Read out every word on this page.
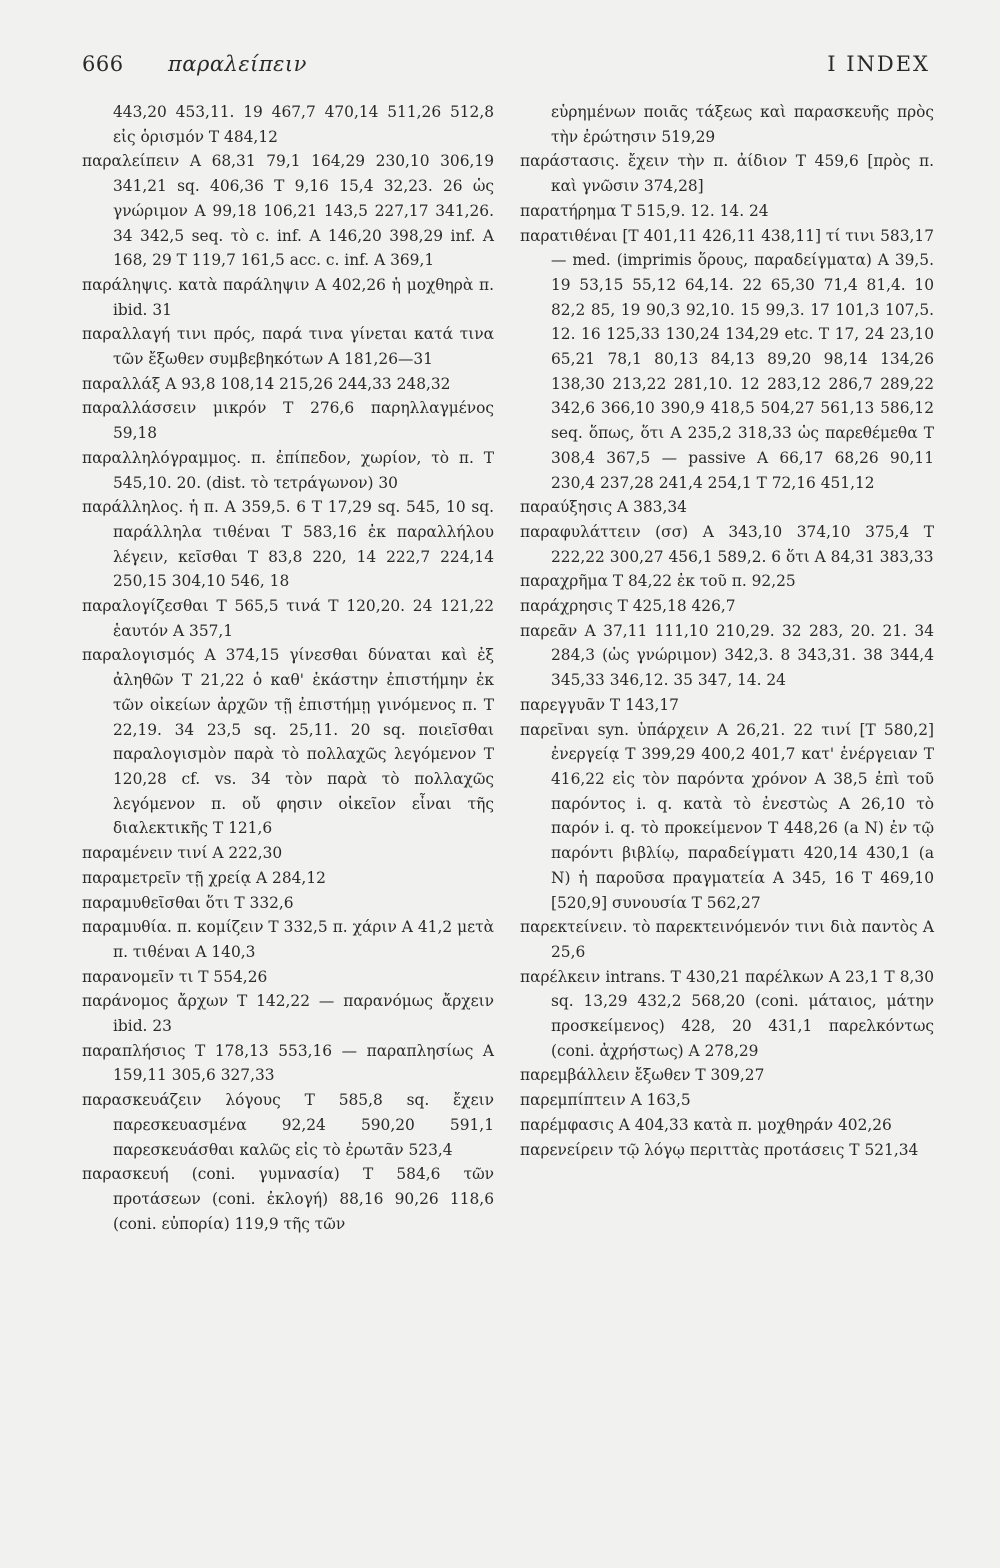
666 παραλείπειν	I INDEX

443,20 453,11. 19 467,7 470,14 511,26 512,8 εἰς ὁρισμόν T 484,12

παραλείπειν A 68,31 79,1 164,29 230,10 306,19 341,21 sq. 406,36 T 9,16 15,4 32,23. 26 ὡς γνώριμον A 99,18 106,21 143,5 227,17 341,26. 34 342,5 seq. τὸ c. inf. A 146,20 398,29 inf. A 168, 29 T 119,7 161,5 acc. c. inf. A 369,1

παράληψις. κατὰ παράληψιν A 402,26 ἡ μοχθηρὰ π. ibid. 31

παραλλαγή τινι πρός, παρά τινα γίνεται κατά τινα τῶν ἔξωθεν συμβεβηκότων A 181,26—31

παραλλάξ A 93,8 108,14 215,26 244,33 248,32

παραλλάσσειν μικρόν T 276,6 παρηλλαγμένος 59,18

παραλληλόγραμμος. π. ἐπίπεδον, χωρίον, τὸ π. T 545,10. 20. (dist. τὸ τετράγωνον) 30

παράλληλος. ἡ π. A 359,5. 6 T 17,29 sq. 545, 10 sq. παράλληλα τιθέναι T 583,16 ἐκ παραλλήλου λέγειν, κεῖσθαι T 83,8 220, 14 222,7 224,14 250,15 304,10 546, 18

παραλογίζεσθαι T 565,5 τινά T 120,20. 24 121,22 ἑαυτόν A 357,1

παραλογισμός A 374,15 γίνεσθαι δύναται καὶ ἐξ ἀληθῶν T 21,22 ὁ καθ' ἑκάστην ἐπιστήμην ἐκ τῶν οἰκείων ἀρχῶν τῇ ἐπιστήμῃ γινόμενος π. T 22,19. 34 23,5 sq. 25,11. 20 sq. ποιεῖσθαι παραλογισμὸν παρὰ τὸ πολλαχῶς λεγόμενον T 120,28 cf. vs. 34 τὸν παρὰ τὸ πολλαχῶς λεγόμενον π. οὔ φησιν οἰκεῖον εἶναι τῆς διαλεκτικῆς T 121,6

παραμένειν τινί A 222,30

παραμετρεῖν τῇ χρείᾳ A 284,12

παραμυθεῖσθαι ὅτι T 332,6

παραμυθία. π. κομίζειν T 332,5 π. χάριν A 41,2 μετὰ π. τιθέναι A 140,3

παρανομεῖν τι T 554,26

παράνομος ἄρχων T 142,22 — παρανόμως ἄρχειν ibid. 23

παραπλήσιος T 178,13 553,16 — παραπλησίως A 159,11 305,6 327,33

παρασκευάζειν λόγους T 585,8 sq. ἔχειν παρεσκευασμένα 92,24 590,20 591,1 παρεσκευάσθαι καλῶς εἰς τὸ ἐρωτᾶν 523,4

παρασκευή (coni. γυμνασία) T 584,6 τῶν προτάσεων (coni. ἐκλογή) 88,16 90,26 118,6 (coni. εὐπορία) 119,9 τῆς τῶν

εὑρημένων ποιᾶς τάξεως καὶ παρασκευῆς πρὸς τὴν ἐρώτησιν 519,29

παράστασις. ἔχειν τὴν π. ἀίδιον T 459,6 [πρὸς π. καὶ γνῶσιν 374,28]

παρατήρημα T 515,9. 12. 14. 24

παρατιθέναι [T 401,11 426,11 438,11] τί τινι 583,17 — med. (imprimis ὅρους, παραδείγματα) A 39,5. 19 53,15 55,12 64,14. 22 65,30 71,4 81,4. 10 82,2 85, 19 90,3 92,10. 15 99,3. 17 101,3 107,5. 12. 16 125,33 130,24 134,29 etc. T 17, 24 23,10 65,21 78,1 80,13 84,13 89,20 98,14 134,26 138,30 213,22 281,10. 12 283,12 286,7 289,22 342,6 366,10 390,9 418,5 504,27 561,13 586,12 seq. ὅπως, ὅτι A 235,2 318,33 ὡς παρεθέμεθα T 308,4 367,5 — passive A 66,17 68,26 90,11 230,4 237,28 241,4 254,1 T 72,16 451,12

παραύξησις A 383,34

παραφυλάττειν (σσ) A 343,10 374,10 375,4 T 222,22 300,27 456,1 589,2. 6 ὅτι A 84,31 383,33

παραχρῆμα T 84,22 ἐκ τοῦ π. 92,25

παράχρησις T 425,18 426,7

παρεᾶν A 37,11 111,10 210,29. 32 283, 20. 21. 34 284,3 (ὡς γνώριμον) 342,3. 8 343,31. 38 344,4 345,33 346,12. 35 347, 14. 24

παρεγγυᾶν T 143,17

παρεῖναι syn. ὑπάρχειν A 26,21. 22 τινί [T 580,2] ἐνεργείᾳ T 399,29 400,2 401,7 κατ' ἐνέργειαν T 416,22 εἰς τὸν παρόντα χρόνον A 38,5 ἐπὶ τοῦ παρόντος i. q. κατὰ τὸ ἐνεστὼς A 26,10 τὸ παρόν i. q. τὸ προκείμενον T 448,26 (a N) ἐν τῷ παρόντι βιβλίῳ, παραδείγματι 420,14 430,1 (a N) ἡ παροῦσα πραγματεία A 345, 16 T 469,10 [520,9] συνουσία T 562,27

παρεκτείνειν. τὸ παρεκτεινόμενόν τινι διὰ παντὸς A 25,6

παρέλκειν intrans. T 430,21 παρέλκων A 23,1 T 8,30 sq. 13,29 432,2 568,20 (coni. μάταιος, μάτην προσκείμενος) 428, 20 431,1 παρελκόντως (coni. ἀχρήστως) A 278,29

παρεμβάλλειν ἔξωθεν T 309,27

παρεμπίπτειν A 163,5

παρέμφασις A 404,33 κατὰ π. μοχθηράν 402,26

παρενείρειν τῷ λόγῳ περιττὰς προτάσεις T 521,34
